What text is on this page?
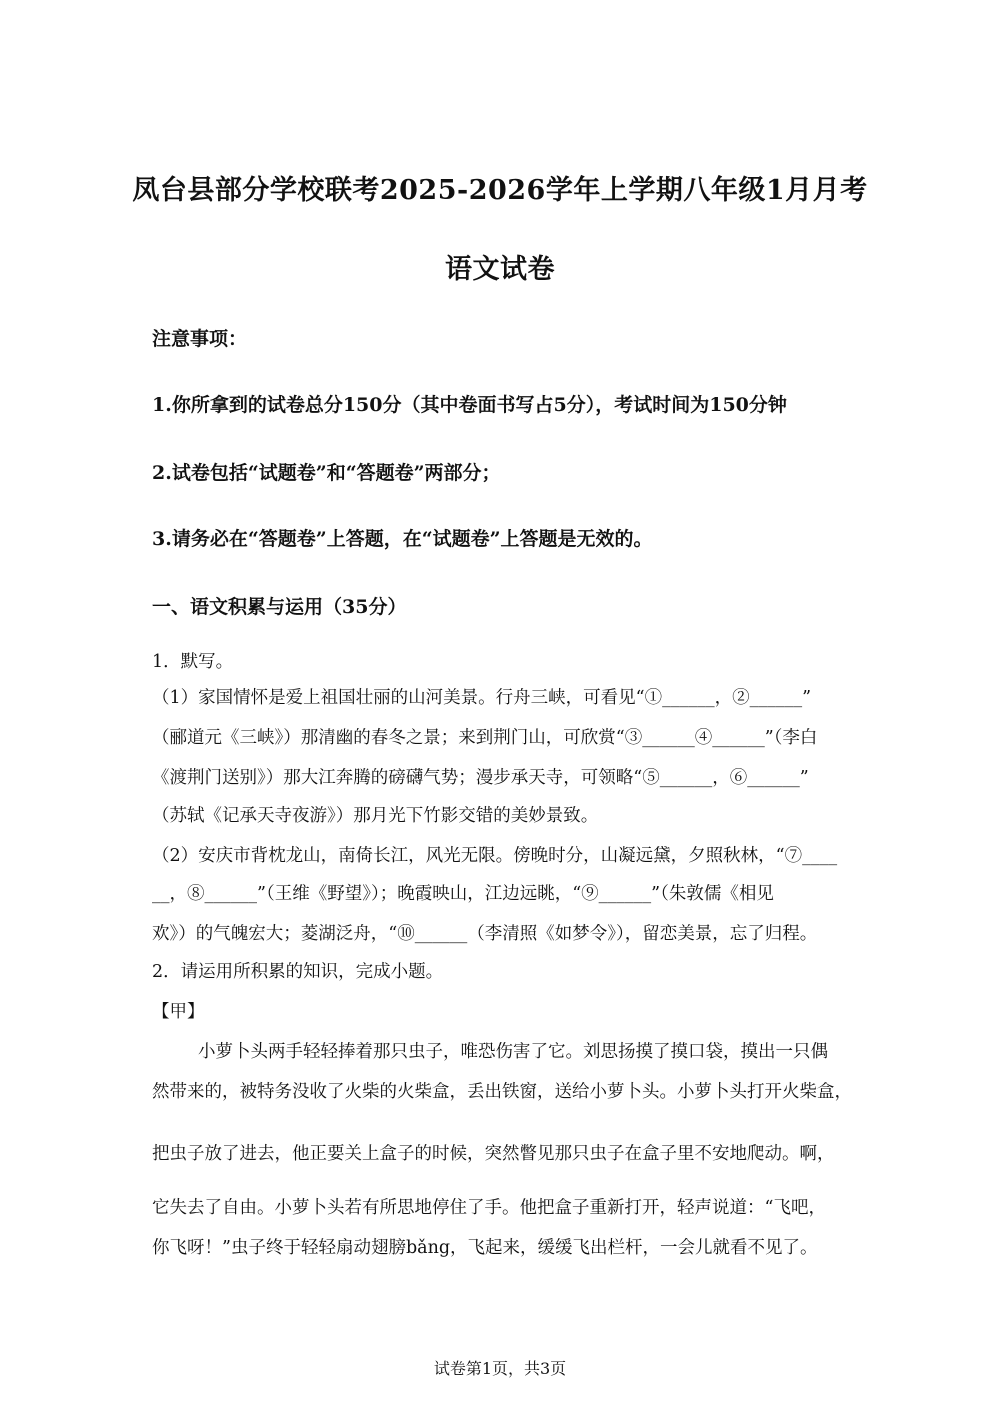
凤台县部分学校联考2025-2026学年上学期八年级1月月考
语文试卷
注意事项：
1.你所拿到的试卷总分150分（其中卷面书写占5分），考试时间为150分钟
2.试卷包括“试题卷”和“答题卷”两部分；
3.请务必在“答题卷”上答题，在“试题卷”上答题是无效的。
一、语文积累与运用（35分）
1．默写。
（1）家国情怀是爱上祖国壮丽的山河美景。行舟三峡，可看见“①______，②______”
（郦道元《三峡》）那清幽的春冬之景；来到荆门山，可欣赏“③______④______”（李白
《渡荆门送别》）那大江奔腾的磅礴气势；漫步承天寺，可领略“⑤______，⑥______”
（苏轼《记承天寺夜游》）那月光下竹影交错的美妙景致。
（2）安庆市背枕龙山，南倚长江，风光无限。傍晚时分，山凝远黛，夕照秋林，“⑦____
__，⑧______”（王维《野望》）；晚霞映山，江边远眺，“⑨______”（朱敦儒《相见
欢》）的气魄宏大；菱湖泛舟，“⑩______（李清照《如梦令》），留恋美景，忘了归程。
2．请运用所积累的知识，完成小题。
【甲】
小萝卜头两手轻轻捧着那只虫子，唯恐伤害了它。刘思扬摸了摸口袋，摸出一只偶
然带来的，被特务没收了火柴的火柴盒，丢出铁窗，送给小萝卜头。小萝卜头打开火柴盒，
把虫子放了进去，他正要关上盒子的时候，突然瞥见那只虫子在盒子里不安地爬动。啊，
它失去了自由。小萝卜头若有所思地停住了手。他把盒子重新打开，轻声说道：“飞吧，
你飞呀！”虫子终于轻轻扇动翅膀bǎng，飞起来，缓缓飞出栏杆，一会儿就看不见了。
试卷第1页，共3页
